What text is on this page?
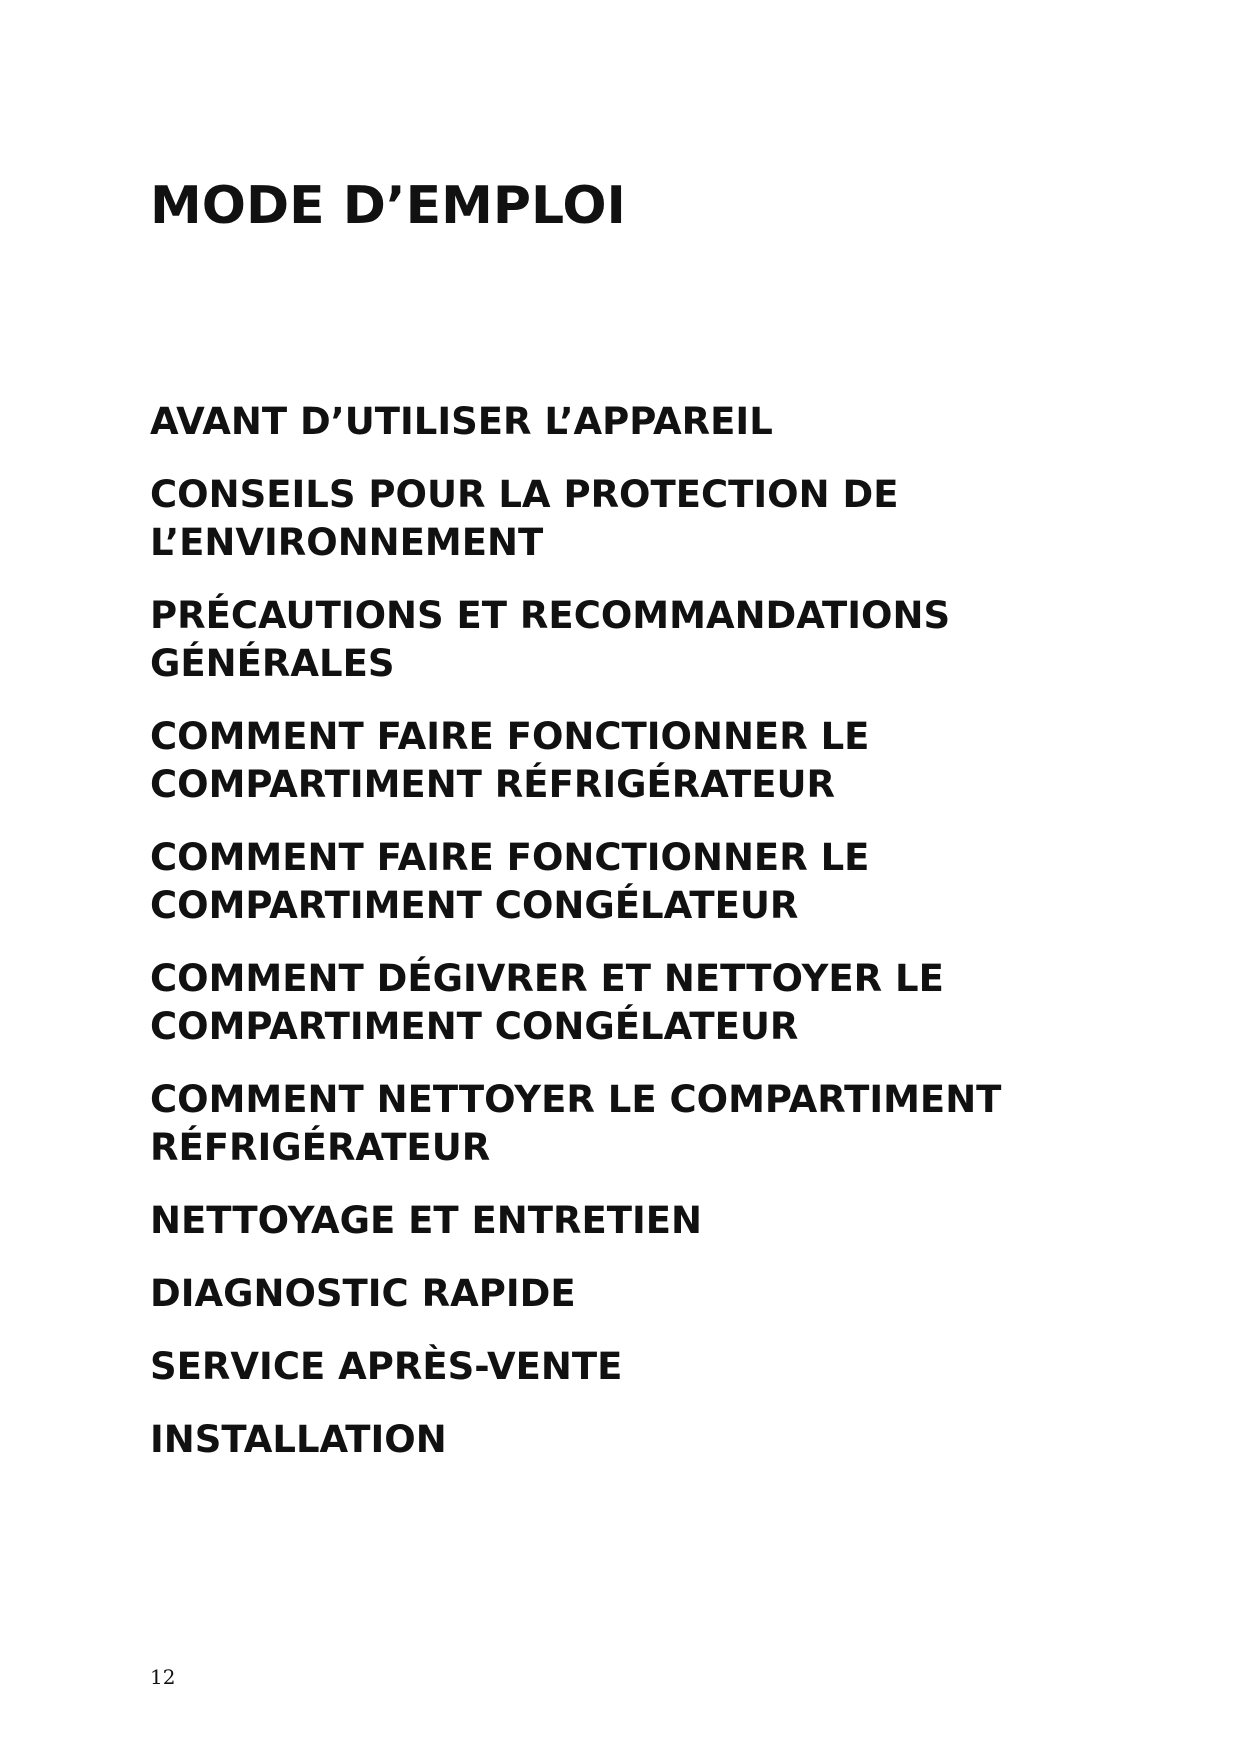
MODE D’EMPLOI
AVANT D’UTILISER L’APPAREIL
CONSEILS POUR LA PROTECTION DE
L’ENVIRONNEMENT
PRÉCAUTIONS ET RECOMMANDATIONS
GÉNÉRALES
COMMENT FAIRE FONCTIONNER LE
COMPARTIMENT RÉFRIGÉRATEUR
COMMENT FAIRE FONCTIONNER LE
COMPARTIMENT CONGÉLATEUR
COMMENT DÉGIVRER ET NETTOYER LE
COMPARTIMENT CONGÉLATEUR
COMMENT NETTOYER LE COMPARTIMENT
RÉFRIGÉRATEUR
NETTOYAGE ET ENTRETIEN
DIAGNOSTIC RAPIDE
SERVICE APRÈS-VENTE
INSTALLATION
12
